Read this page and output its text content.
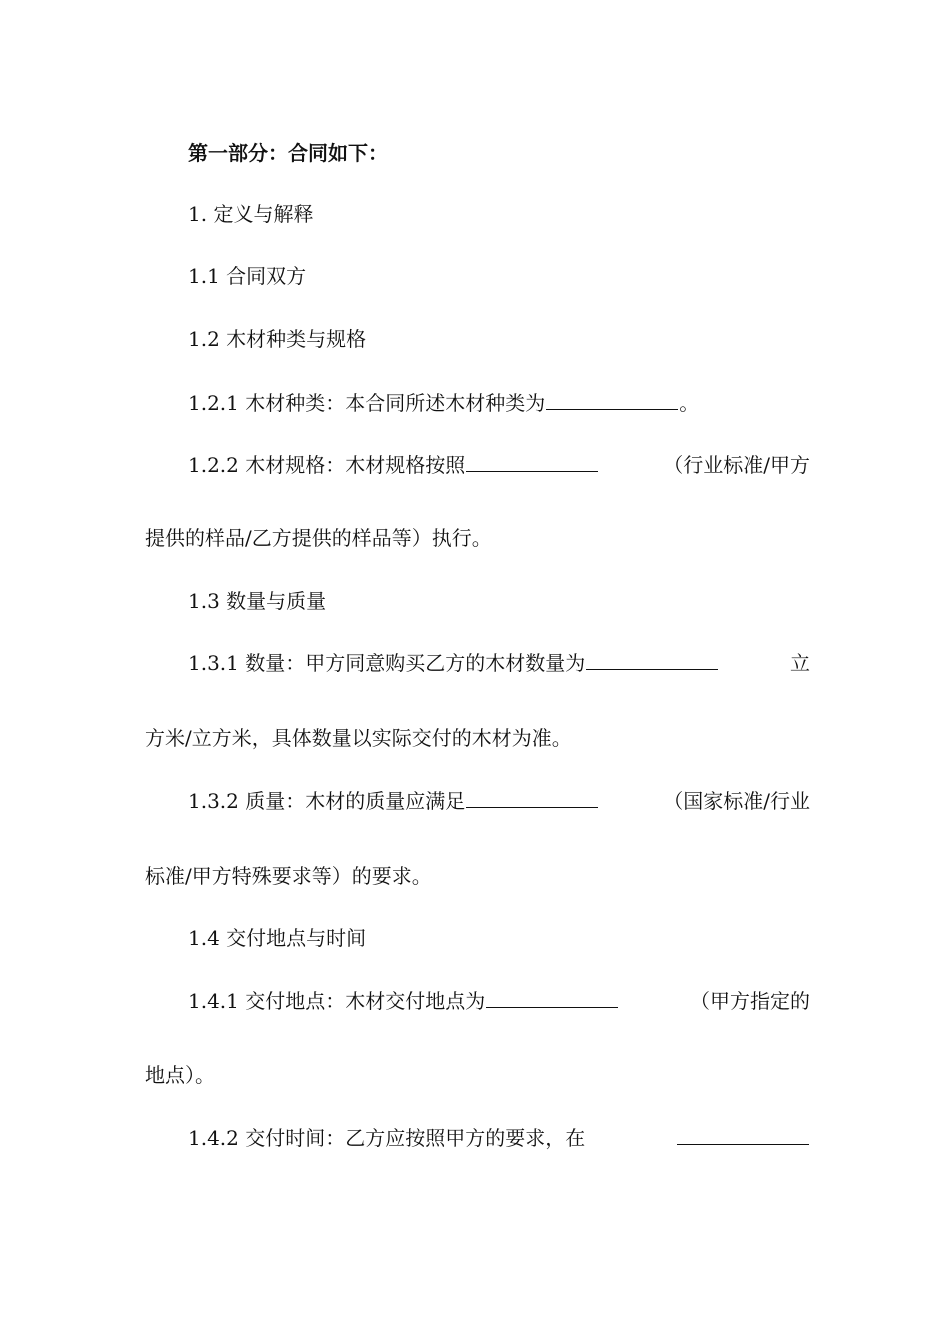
第一部分：合同如下：
1. 定义与解释
1.1 合同双方
1.2 木材种类与规格
1.2.1 木材种类：本合同所述木材种类为	。
1.2.2 木材规格：木材规格按照	（行业标准/甲方
提供的样品/乙方提供的样品等）执行。
1.3 数量与质量
1.3.1 数量：甲方同意购买乙方的木材数量为	立
方米/立方米，具体数量以实际交付的木材为准。
1.3.2 质量：木材的质量应满足	（国家标准/行业
标准/甲方特殊要求等）的要求。
1.4 交付地点与时间
1.4.1 交付地点：木材交付地点为	（甲方指定的
地点）。
1.4.2 交付时间：乙方应按照甲方的要求，在
